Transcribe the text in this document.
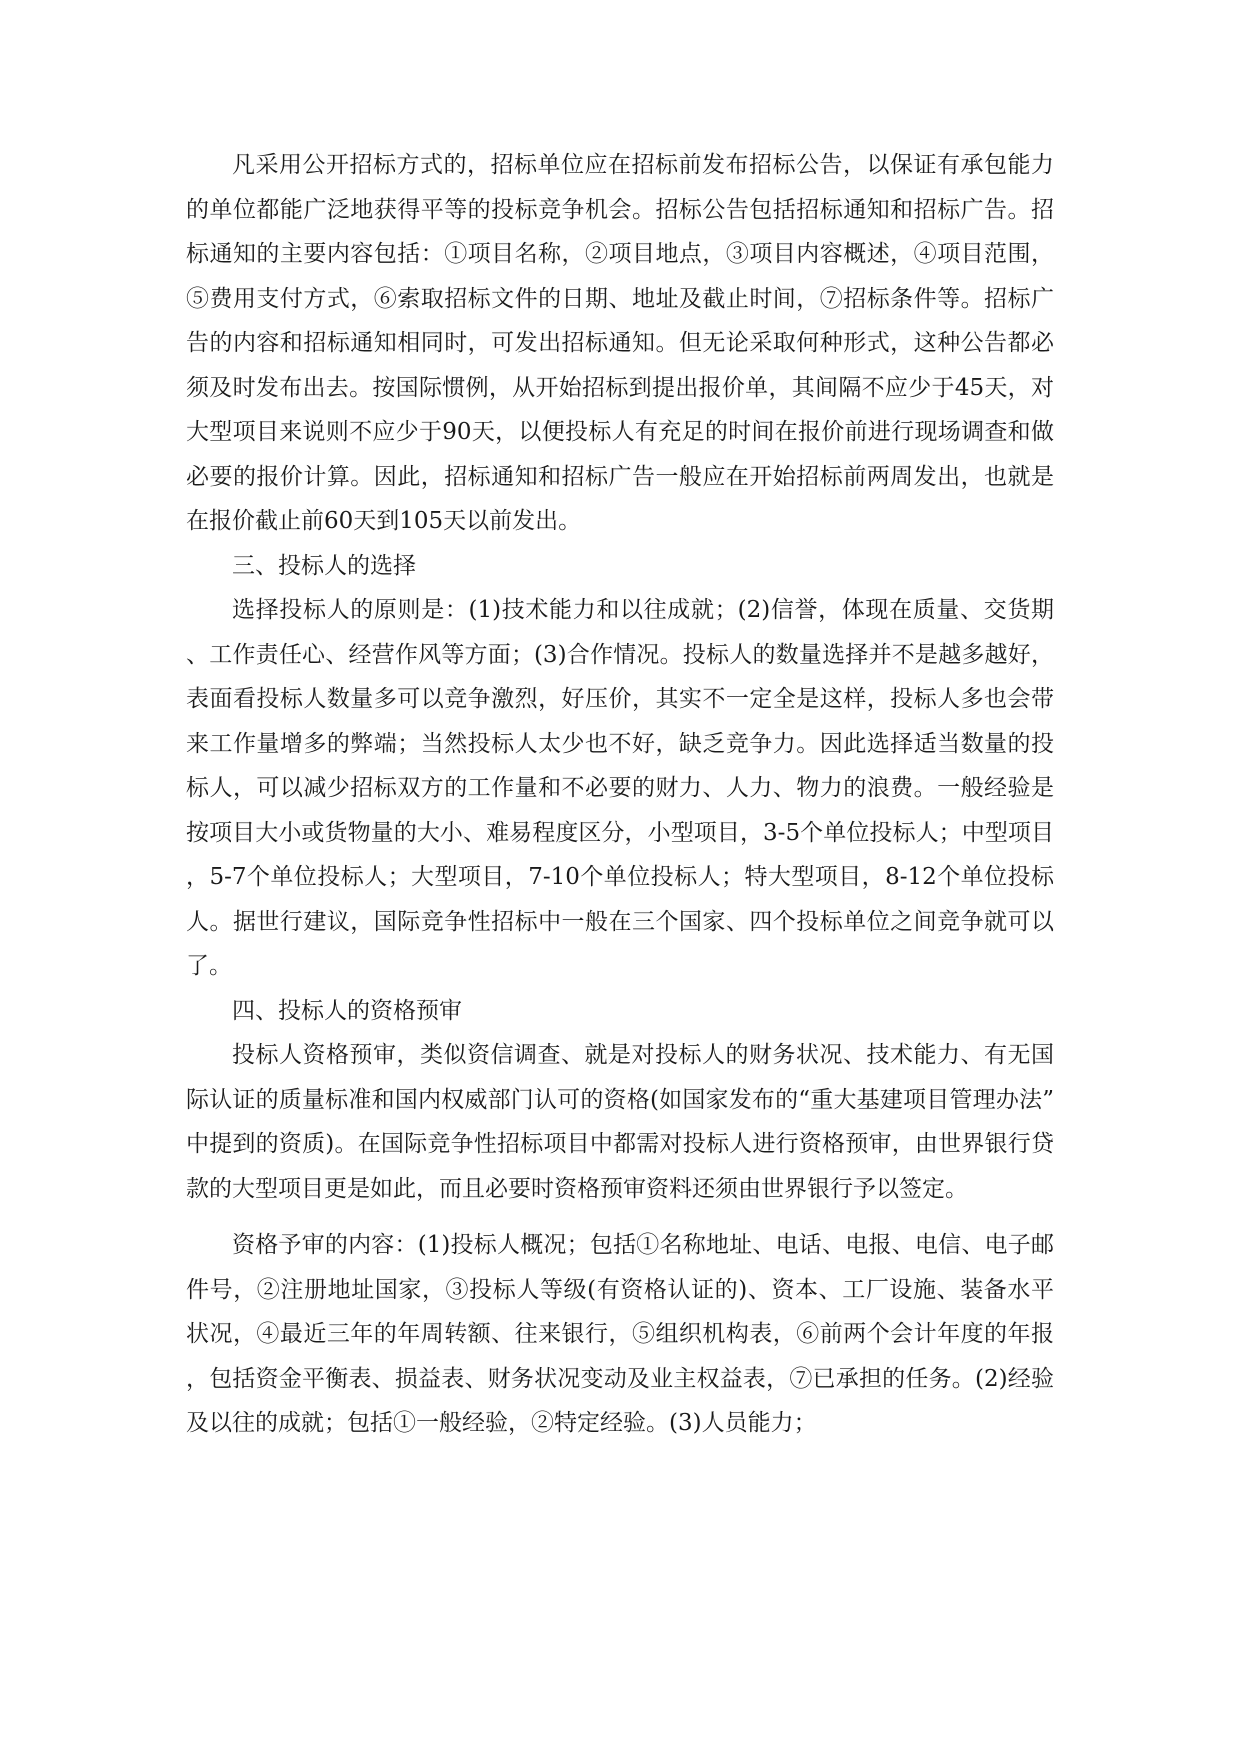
凡采用公开招标方式的，招标单位应在招标前发布招标公告，以保证有承包能力的单位都能广泛地获得平等的投标竞争机会。招标公告包括招标通知和招标广告。招标通知的主要内容包括：①项目名称，②项目地点，③项目内容概述，④项目范围，⑤费用支付方式，⑥索取招标文件的日期、地址及截止时间，⑦招标条件等。招标广告的内容和招标通知相同时，可发出招标通知。但无论采取何种形式，这种公告都必须及时发布出去。按国际惯例，从开始招标到提出报价单，其间隔不应少于45天，对大型项目来说则不应少于90天，以便投标人有充足的时间在报价前进行现场调查和做必要的报价计算。因此，招标通知和招标广告一般应在开始招标前两周发出，也就是在报价截止前60天到105天以前发出。

三、投标人的选择

选择投标人的原则是：(1)技术能力和以往成就；(2)信誉，体现在质量、交货期、工作责任心、经营作风等方面；(3)合作情况。投标人的数量选择并不是越多越好，表面看投标人数量多可以竞争激烈，好压价，其实不一定全是这样，投标人多也会带来工作量增多的弊端；当然投标人太少也不好，缺乏竞争力。因此选择适当数量的投标人，可以减少招标双方的工作量和不必要的财力、人力、物力的浪费。一般经验是按项目大小或货物量的大小、难易程度区分，小型项目，3-5个单位投标人；中型项目，5-7个单位投标人；大型项目，7-10个单位投标人；特大型项目，8-12个单位投标人。据世行建议，国际竞争性招标中一般在三个国家、四个投标单位之间竞争就可以了。

四、投标人的资格预审

投标人资格预审，类似资信调查、就是对投标人的财务状况、技术能力、有无国际认证的质量标准和国内权威部门认可的资格(如国家发布的“重大基建项目管理办法”中提到的资质)。在国际竞争性招标项目中都需对投标人进行资格预审，由世界银行贷款的大型项目更是如此，而且必要时资格预审资料还须由世界银行予以签定。

资格予审的内容：(1)投标人概况；包括①名称地址、电话、电报、电信、电子邮件号，②注册地址国家，③投标人等级(有资格认证的)、资本、工厂设施、装备水平状况，④最近三年的年周转额、往来银行，⑤组织机构表，⑥前两个会计年度的年报，包括资金平衡表、损益表、财务状况变动及业主权益表，⑦已承担的任务。(2)经验及以往的成就；包括①一般经验，②特定经验。(3)人员能力；
